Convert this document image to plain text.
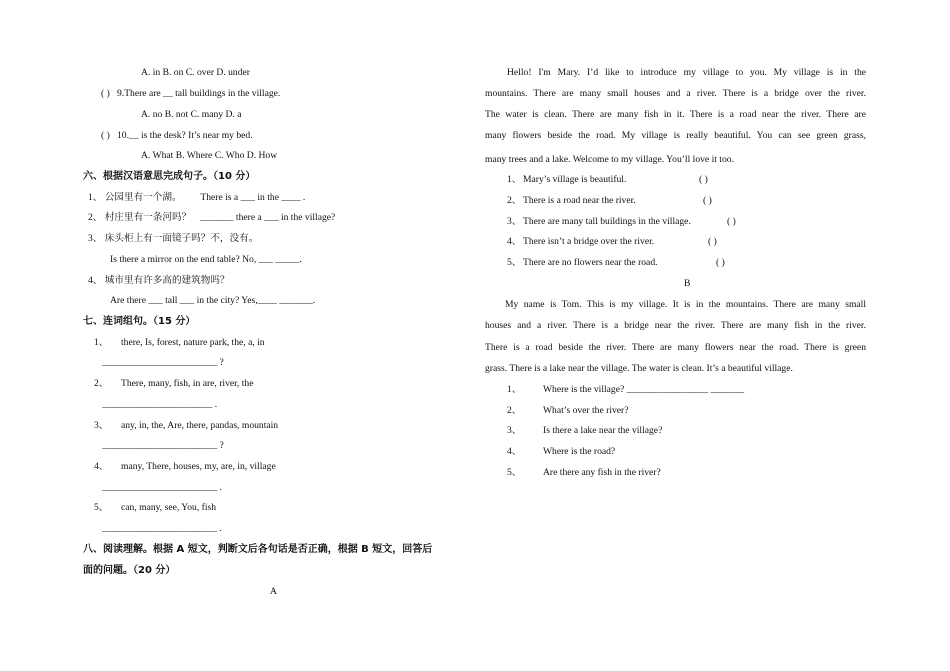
A. in B. on C. over D. under
( ) 9.There are __ tall buildings in the village.
A. no B. not C. many D. a
( ) 10.__ is the desk? It’s near my bed.
A. What B. Where C. Who D. How
六、根据汉语意思完成句子。（10 分）
1、 公园里有一个湖。 There is a ___ in the ____ .
2、 村庄里有一条河吗？ _______ there a ___ in the village?
3、 床头柜上有一面镜子吗？不，没有。
Is there a mirror on the end table? No, ___ _____.
4、 城市里有许多高的建筑物吗？
Are there ___ tall ___ in the city? Yes,____ _______.
七、连词组句。（15 分）
1、 there, Is, forest, nature park, the, a, in
________________________ ?
2、 There, many, fish, in are, river, the
_______________________ .
3、 any, in, the, Are, there, pandas, mountain
________________________ ?
4、 many, There, houses, my, are, in, village
________________________ .
5、 can, many, see, You, fish
________________________ .
八、阅读理解。根据 A 短文，判断文后各句话是否正确，根据 B 短文，回答后
面的问题。（20 分）
A
Hello! I'm Mary. I’d like to introduce my village to you. My village is in the
mountains. There are many small houses and a river. There is a bridge over the river.
The water is clean. There are many fish in it. There is a road near the river. There are
many flowers beside the road. My village is really beautiful. You can see green grass,
many trees and a lake. Welcome to my village. You’ll love it too.
1、 Mary’s village is beautiful.	( )
2、 There is a road near the river.	( )
3、 There are many tall buildings in the village.	( )
4、 There isn’t a bridge over the river.	( )
5、 There are no flowers near the road.	( )
B
My name is Tom. This is my village. It is in the mountains. There are many small
houses and a river. There is a bridge near the river. There are many fish in the river.
There is a road beside the river. There are many flowers near the road. There is green
grass. There is a lake near the village. The water is clean. It’s a beautiful village.
1、 Where is the village? _________________ _______
2、 What’s over the river?
3、 Is there a lake near the village?
4、 Where is the road?
5、 Are there any fish in the river?
